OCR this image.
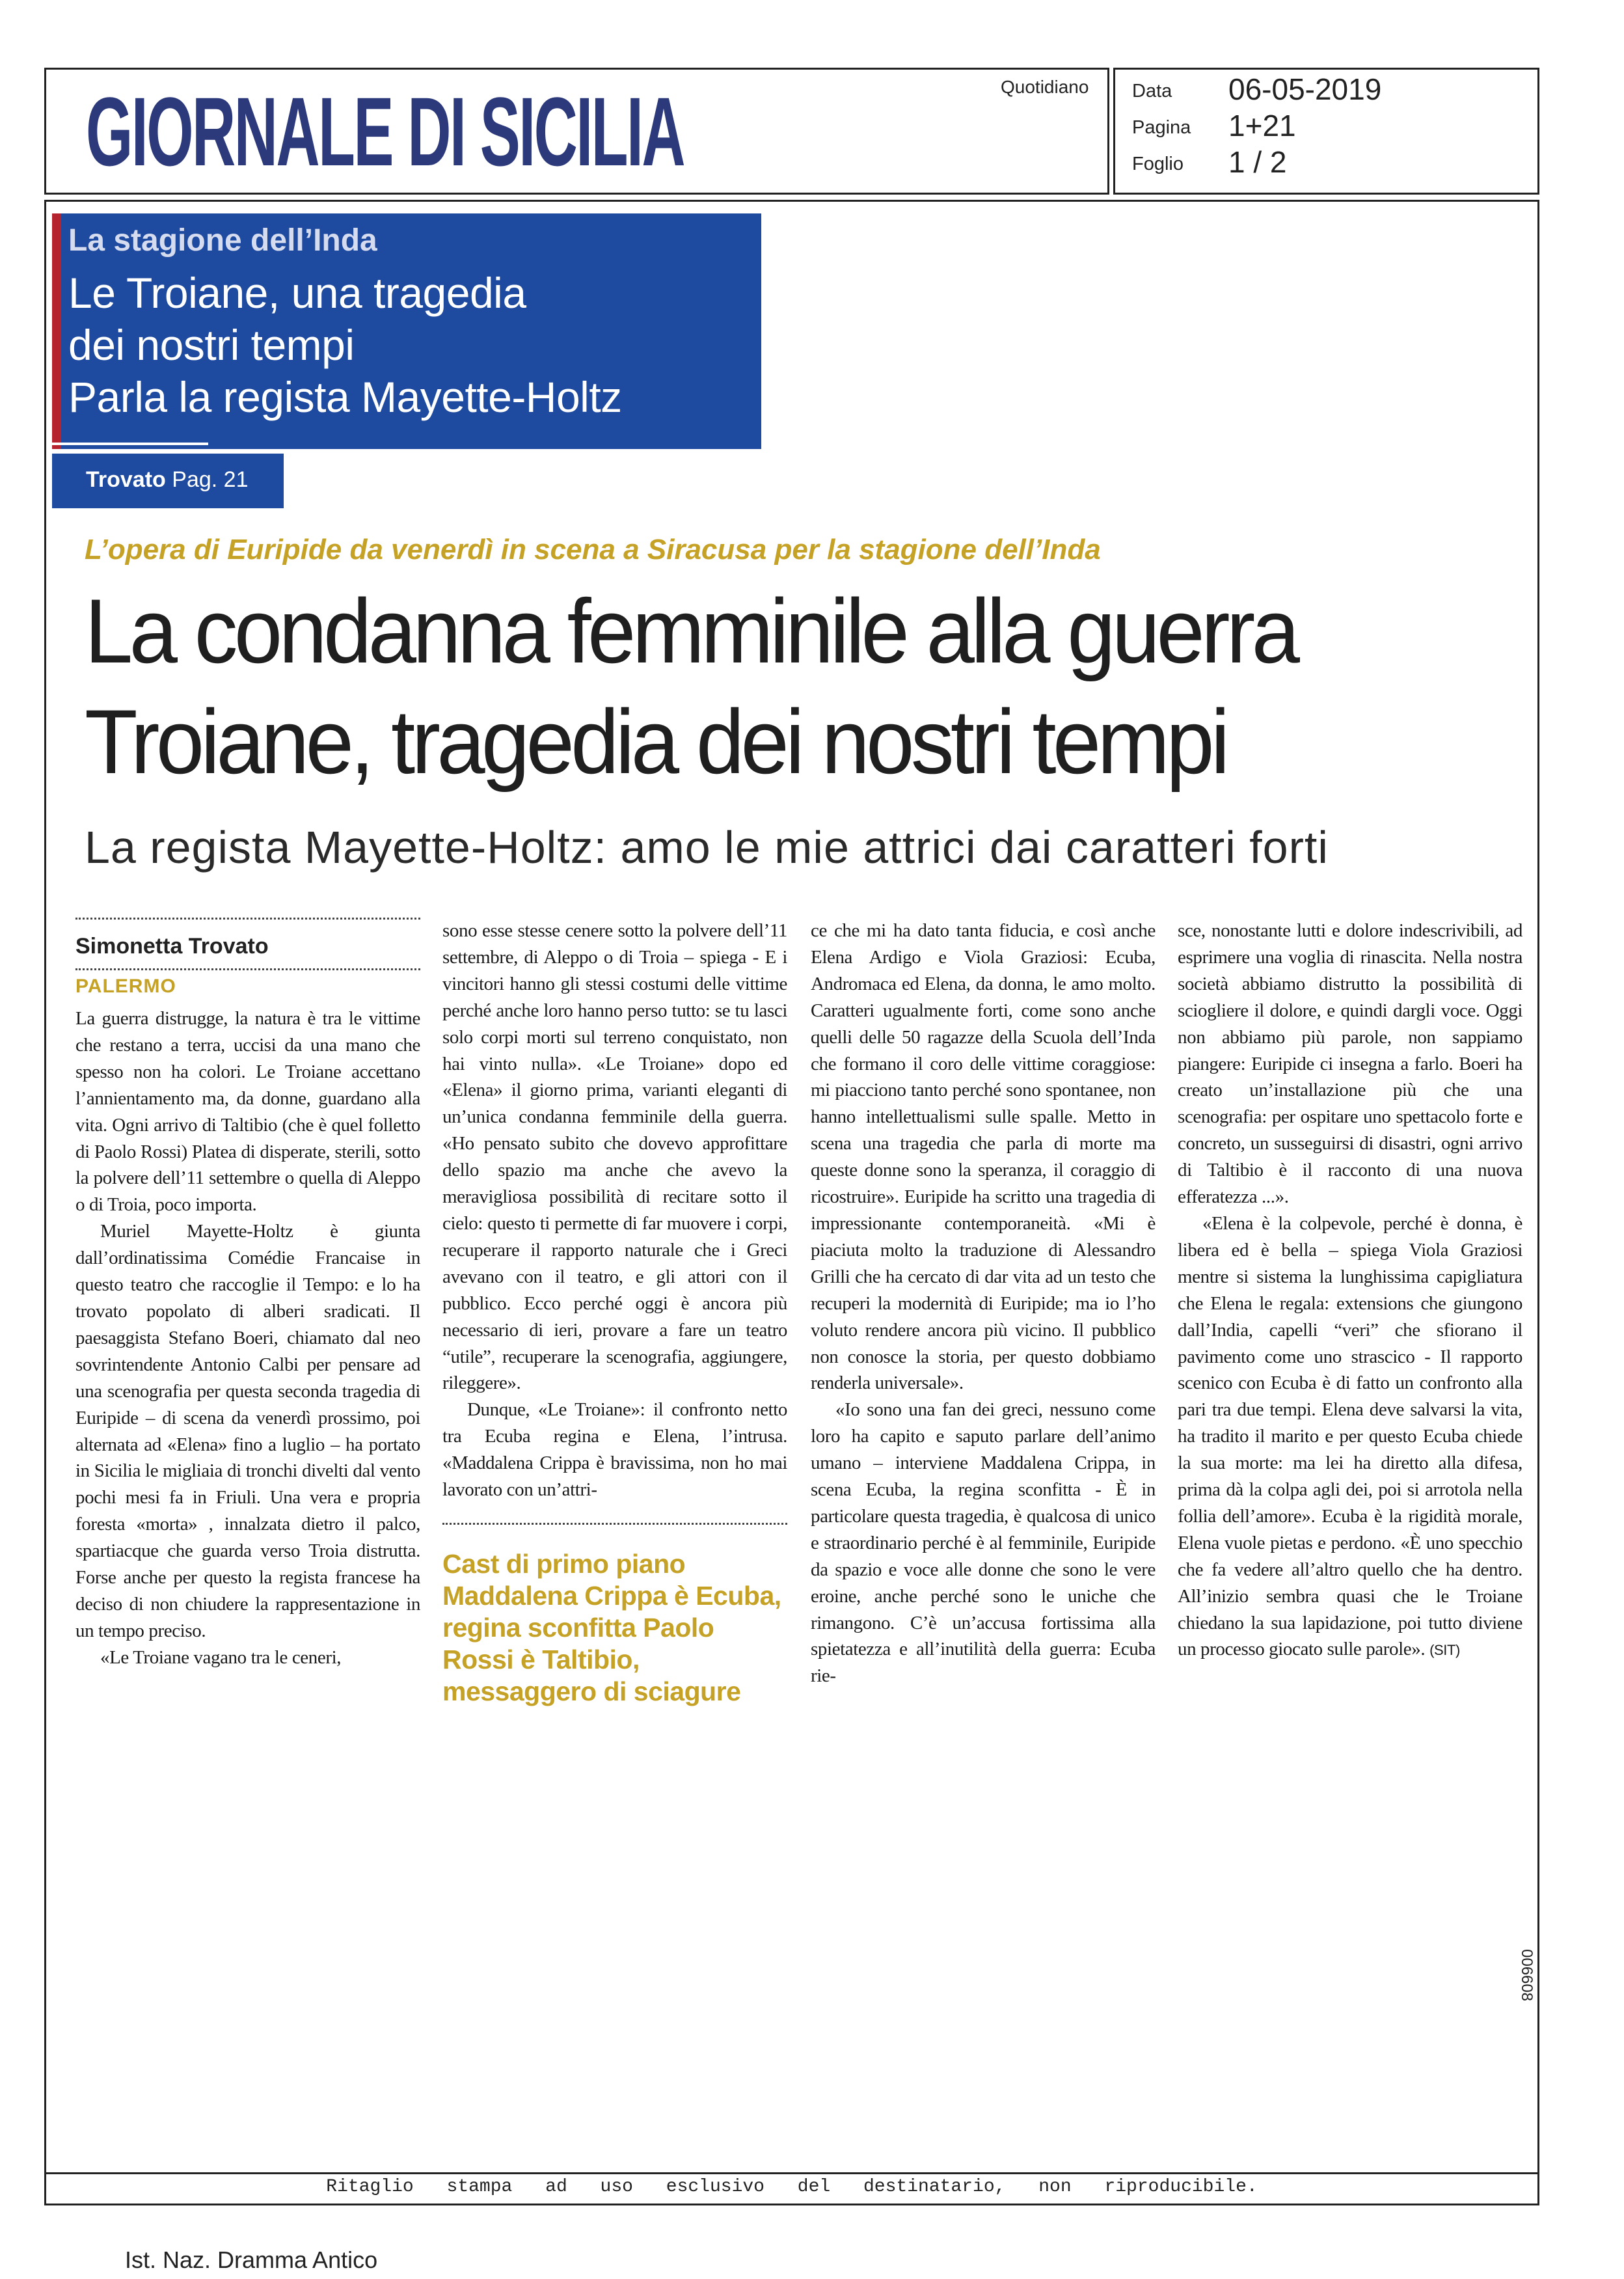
GIORNALE DI SICILIA	Quotidiano Data 06-05-2019
Pagina 1+21
Foglio 1 / 2
La stagione dell’Inda
Le Troiane, una tragedia
dei nostri tempi
Parla la regista Mayette-Holtz
Trovato Pag. 21
L’opera di Euripide da venerdì in scena a Siracusa per la stagione dell’Inda
La condanna femminile alla guerra
Troiane, tragedia dei nostri tempi
La regista Mayette-Holtz: amo le mie attrici dai caratteri forti
Simonetta Trovato
PALERMO

La guerra distrugge, la natura è tra le vittime che restano a terra, uccisi da una mano che spesso non ha colori. Le Troiane accettano l’annientamento ma, da donne, guardano alla vita. Ogni arrivo di Taltibio (che è quel folletto di Paolo Rossi) Platea di disperate, sterili, sotto la polvere dell’11 settembre o quella di Aleppo o di Troia, poco importa.

Muriel Mayette-Holtz è giunta dall’ordinatissima Comédie Francaise in questo teatro che raccoglie il Tempo: e lo ha trovato popolato di alberi sradicati. Il paesaggista Stefano Boeri, chiamato dal neo sovrintendente Antonio Calbi per pensare ad una scenografia per questa seconda tragedia di Euripide – di scena da venerdì prossimo, poi alternata ad «Elena» fino a luglio – ha portato in Sicilia le migliaia di tronchi divelti dal vento pochi mesi fa in Friuli. Una vera e propria foresta «morta» , innalzata dietro il palco, spartiacque che guarda verso Troia distrutta. Forse anche per questo la regista francese ha deciso di non chiudere la rappresentazione in un tempo preciso.

«Le Troiane vagano tra le ceneri,

sono esse stesse cenere sotto la polvere dell’11 settembre, di Aleppo o di Troia – spiega - E i vincitori hanno gli stessi costumi delle vittime perché anche loro hanno perso tutto: se tu lasci solo corpi morti sul terreno conquistato, non hai vinto nulla». «Le Troiane» dopo ed «Elena» il giorno prima, varianti eleganti di un’unica condanna femminile della guerra. «Ho pensato subito che dovevo approfittare dello spazio ma anche che avevo la meravigliosa possibilità di recitare sotto il cielo: questo ti permette di far muovere i corpi, recuperare il rapporto naturale che i Greci avevano con il teatro, e gli attori con il pubblico. Ecco perché oggi è ancora più necessario di ieri, provare a fare un teatro “utile”, recuperare la scenografia, aggiungere, rileggere».

Dunque, «Le Troiane»: il confronto netto tra Ecuba regina e Elena, l’intrusa. «Maddalena Crippa è bravissima, non ho mai lavorato con un’attri-

Cast di primo piano Maddalena Crippa è Ecuba, regina sconfitta Paolo Rossi è Taltibio, messaggero di sciagure

ce che mi ha dato tanta fiducia, e così anche Elena Ardigo e Viola Graziosi: Ecuba, Andromaca ed Elena, da donna, le amo molto. Caratteri ugualmente forti, come sono anche quelli delle 50 ragazze della Scuola dell’Inda che formano il coro delle vittime coraggiose: mi piacciono tanto perché sono spontanee, non hanno intellettualismi sulle spalle. Metto in scena una tragedia che parla di morte ma queste donne sono la speranza, il coraggio di ricostruire». Euripide ha scritto una tragedia di impressionante contemporaneità. «Mi è piaciuta molto la traduzione di Alessandro Grilli che ha cercato di dar vita ad un testo che recuperi la modernità di Euripide; ma io l’ho voluto rendere ancora più vicino. Il pubblico non conosce la storia, per questo dobbiamo renderla universale».

«Io sono una fan dei greci, nessuno come loro ha capito e saputo parlare dell’animo umano – interviene Maddalena Crippa, in scena Ecuba, la regina sconfitta - È in particolare questa tragedia, è qualcosa di unico e straordinario perché è al femminile, Euripide da spazio e voce alle donne che sono le vere eroine, anche perché sono le uniche che rimangono. C’è un’accusa fortissima alla spietatezza e all’inutilità della guerra: Ecuba rie-

sce, nonostante lutti e dolore indescrivibili, ad esprimere una voglia di rinascita. Nella nostra società abbiamo distrutto la possibilità di sciogliere il dolore, e quindi dargli voce. Oggi non abbiamo più parole, non sappiamo piangere: Euripide ci insegna a farlo. Boeri ha creato un’installazione più che una scenografia: per ospitare uno spettacolo forte e concreto, un susseguirsi di disastri, ogni arrivo di Taltibio è il racconto di una nuova efferatezza ...».

«Elena è la colpevole, perché è donna, è libera ed è bella – spiega Viola Graziosi mentre si sistema la lunghissima capigliatura che Elena le regala: extensions che giungono dall’India, capelli “veri” che sfiorano il pavimento come uno strascico - Il rapporto scenico con Ecuba è di fatto un confronto alla pari tra due tempi. Elena deve salvarsi la vita, ha tradito il marito e per questo Ecuba chiede la sua morte: ma lei ha diretto alla difesa, prima dà la colpa agli dei, poi si arrotola nella follia dell’amore». Ecuba è la rigidità morale, Elena vuole pietas e perdono. «È uno specchio che fa vedere all’altro quello che ha dentro. All’inizio sembra quasi che le Troiane chiedano la sua lapidazione, poi tutto diviene un processo giocato sulle parole». (SIT)

006608
Ritaglio stampa ad uso esclusivo del destinatario, non riproducibile.
Ist. Naz. Dramma Antico
